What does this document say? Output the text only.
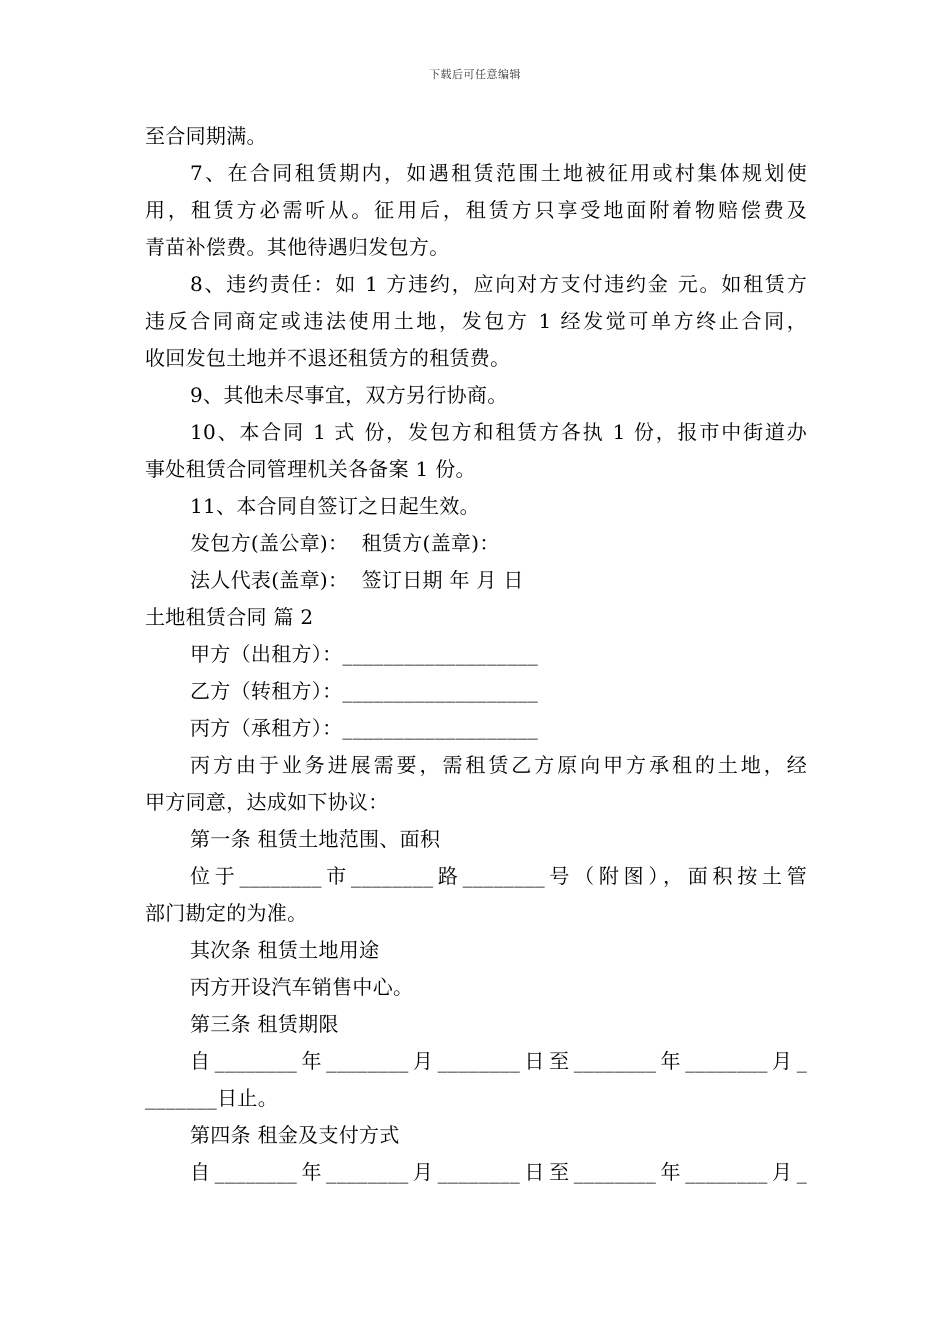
下载后可任意编辑
至合同期满。
7、在合同租赁期内，如遇租赁范围土地被征用或村集体规划使
用，租赁方必需听从。征用后，租赁方只享受地面附着物赔偿费及
青苗补偿费。其他待遇归发包方。
8、违约责任：如 1 方违约，应向对方支付违约金 元。如租赁方
违反合同商定或违法使用土地，发包方 1 经发觉可单方终止合同，
收回发包土地并不退还租赁方的租赁费。
9、其他未尽事宜，双方另行协商。
10、本合同 1 式 份，发包方和租赁方各执 1 份，报市中街道办
事处租赁合同管理机关各备案 1 份。
11、本合同自签订之日起生效。
发包方(盖公章)：  租赁方(盖章)：
法人代表(盖章)：  签订日期 年 月 日
土地租赁合同 篇 2
甲方（出租方）：___________________
乙方（转租方）：___________________
丙方（承租方）：___________________
丙方由于业务进展需要，需租赁乙方原向甲方承租的土地，经
甲方同意，达成如下协议：
第一条 租赁土地范围、面积
位于________市________路________号（附图），面积按土管
部门勘定的为准。
其次条 租赁土地用途
丙方开设汽车销售中心。
第三条 租赁期限
自________年________月________日至________年________月_
_______日止。
第四条 租金及支付方式
自________年________月________日至________年________月_
